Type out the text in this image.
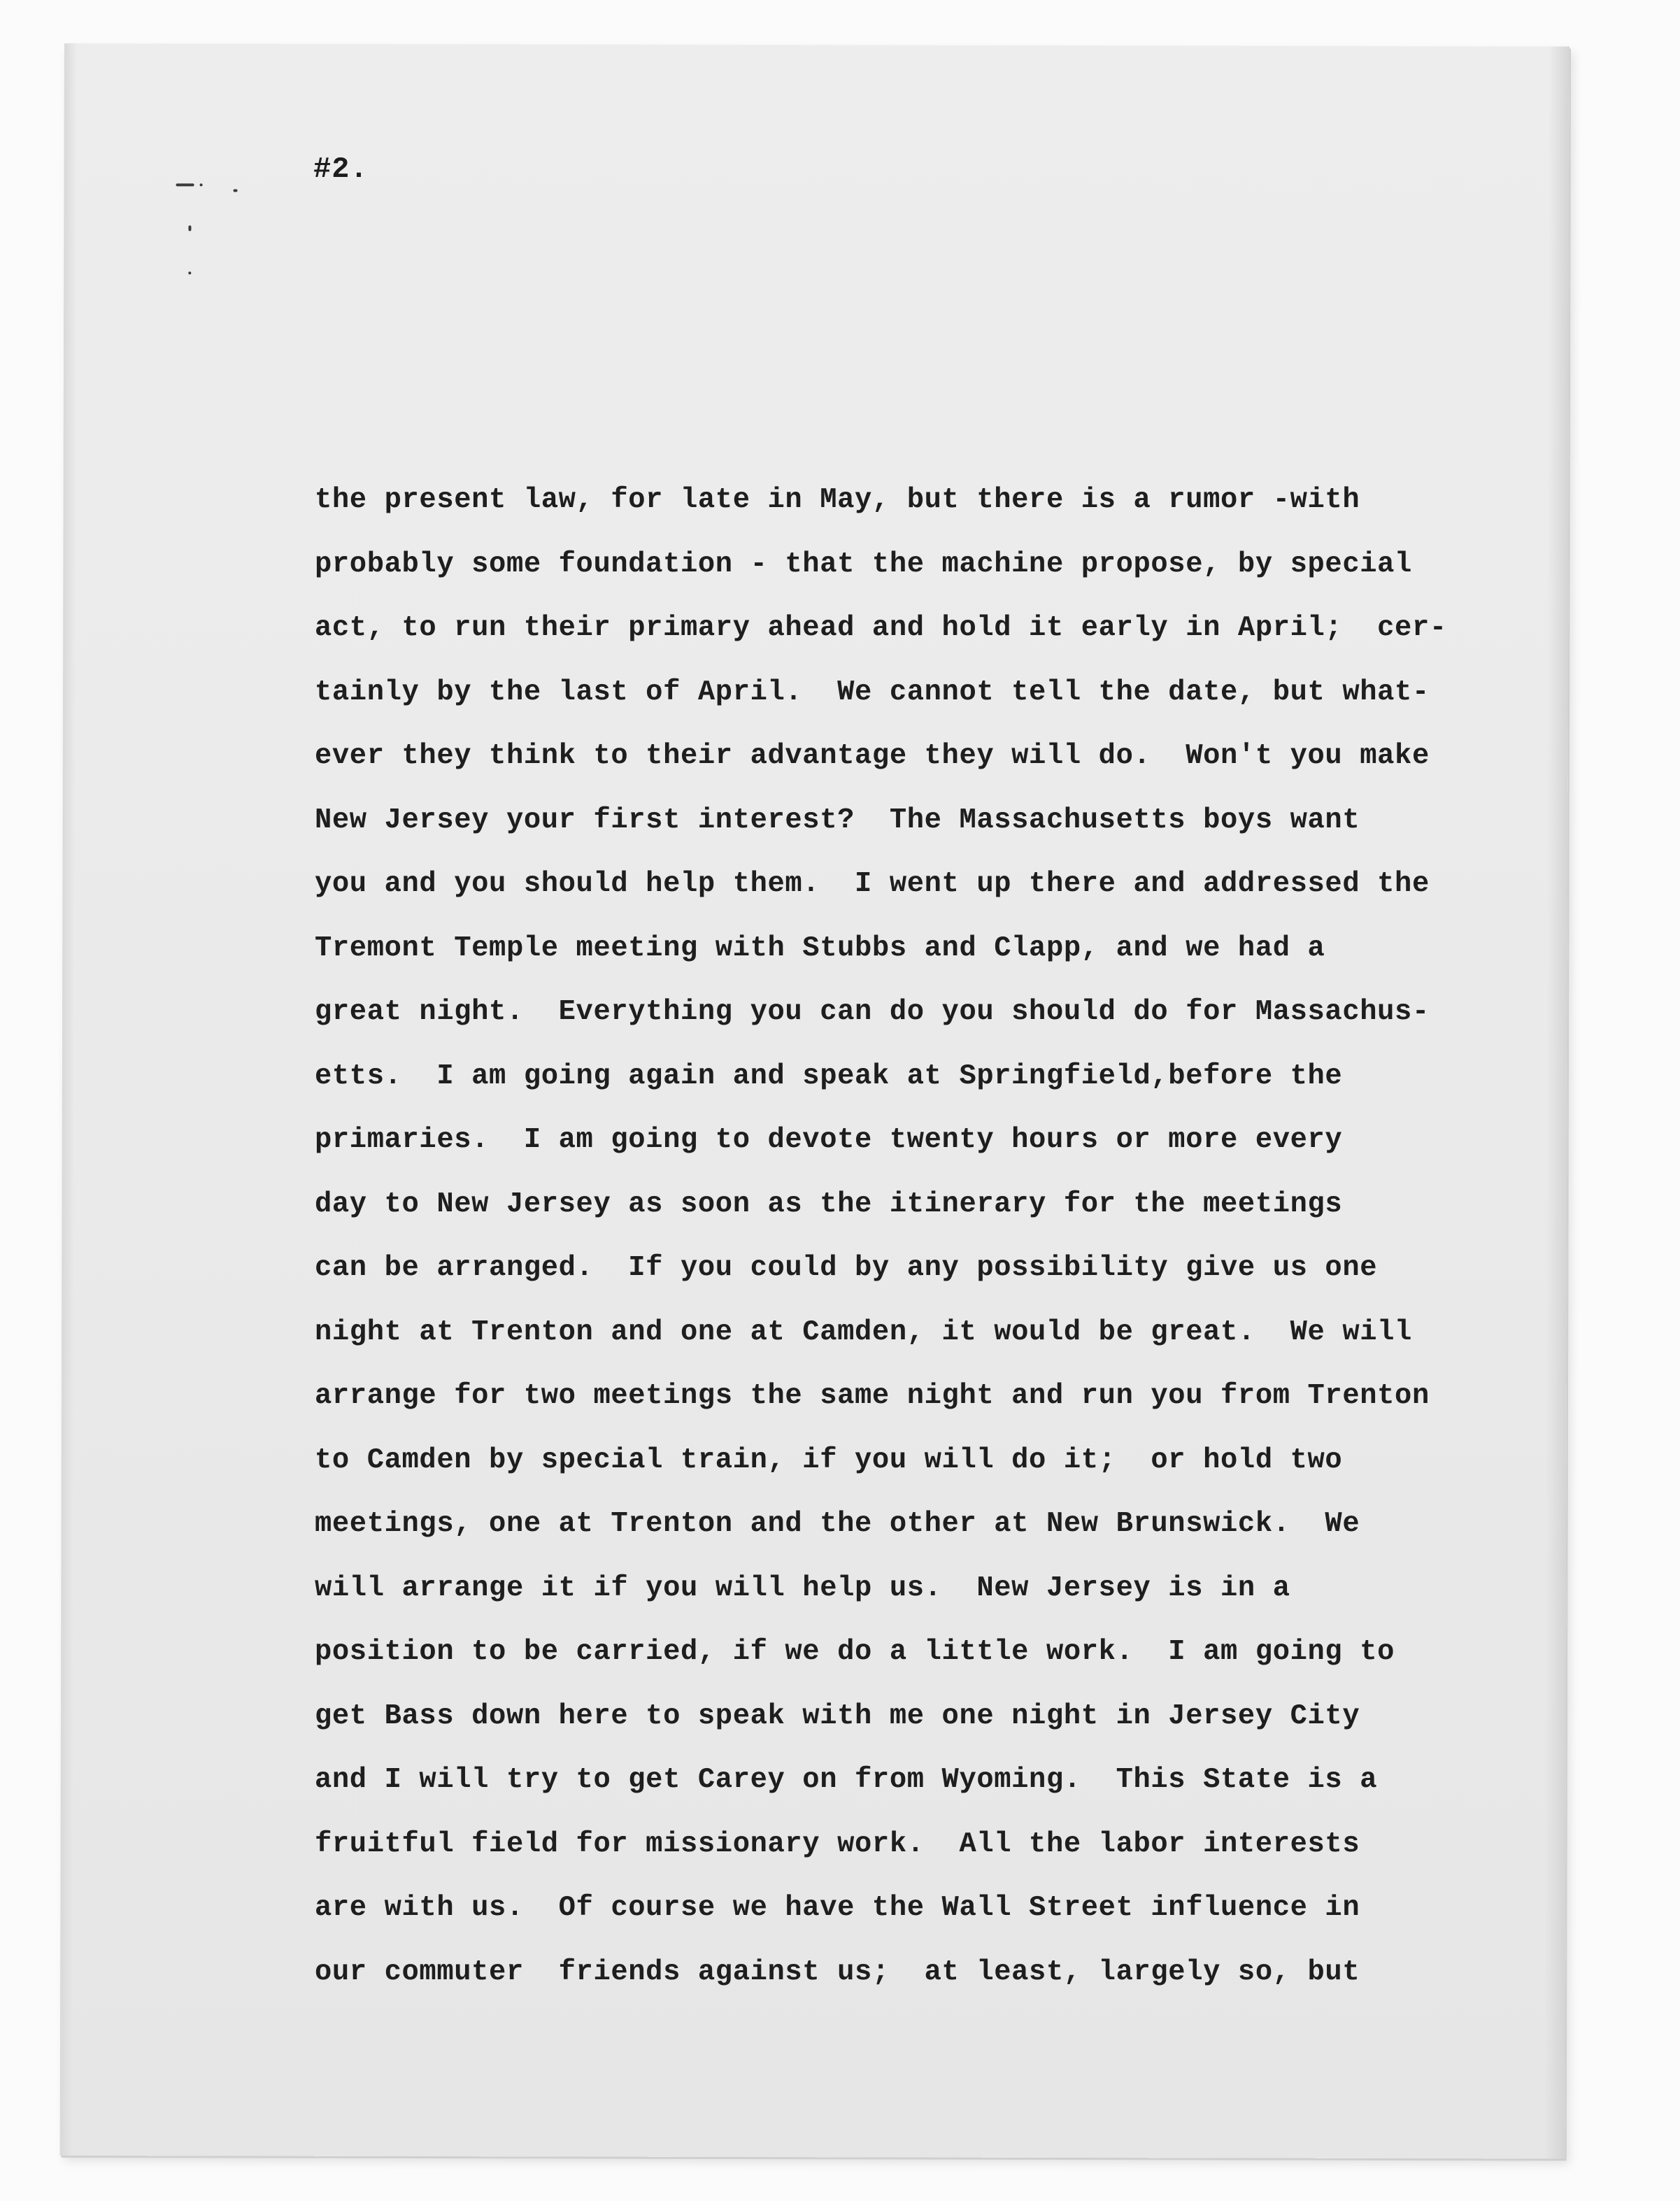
#2.
the present law, for late in May, but there is a rumor -with
probably some foundation - that the machine propose, by special
act, to run their primary ahead and hold it early in April;  cer-
tainly by the last of April.  We cannot tell the date, but what-
ever they think to their advantage they will do.  Won't you make
New Jersey your first interest?  The Massachusetts boys want
you and you should help them.  I went up there and addressed the
Tremont Temple meeting with Stubbs and Clapp, and we had a
great night.  Everything you can do you should do for Massachus-
etts.  I am going again and speak at Springfield,before the
primaries.  I am going to devote twenty hours or more every
day to New Jersey as soon as the itinerary for the meetings
can be arranged.  If you could by any possibility give us one
night at Trenton and one at Camden, it would be great.  We will
arrange for two meetings the same night and run you from Trenton
to Camden by special train, if you will do it;  or hold two
meetings, one at Trenton and the other at New Brunswick.  We
will arrange it if you will help us.  New Jersey is in a
position to be carried, if we do a little work.  I am going to
get Bass down here to speak with me one night in Jersey City
and I will try to get Carey on from Wyoming.  This State is a
fruitful field for missionary work.  All the labor interests
are with us.  Of course we have the Wall Street influence in
our commuter  friends against us;  at least, largely so, but
